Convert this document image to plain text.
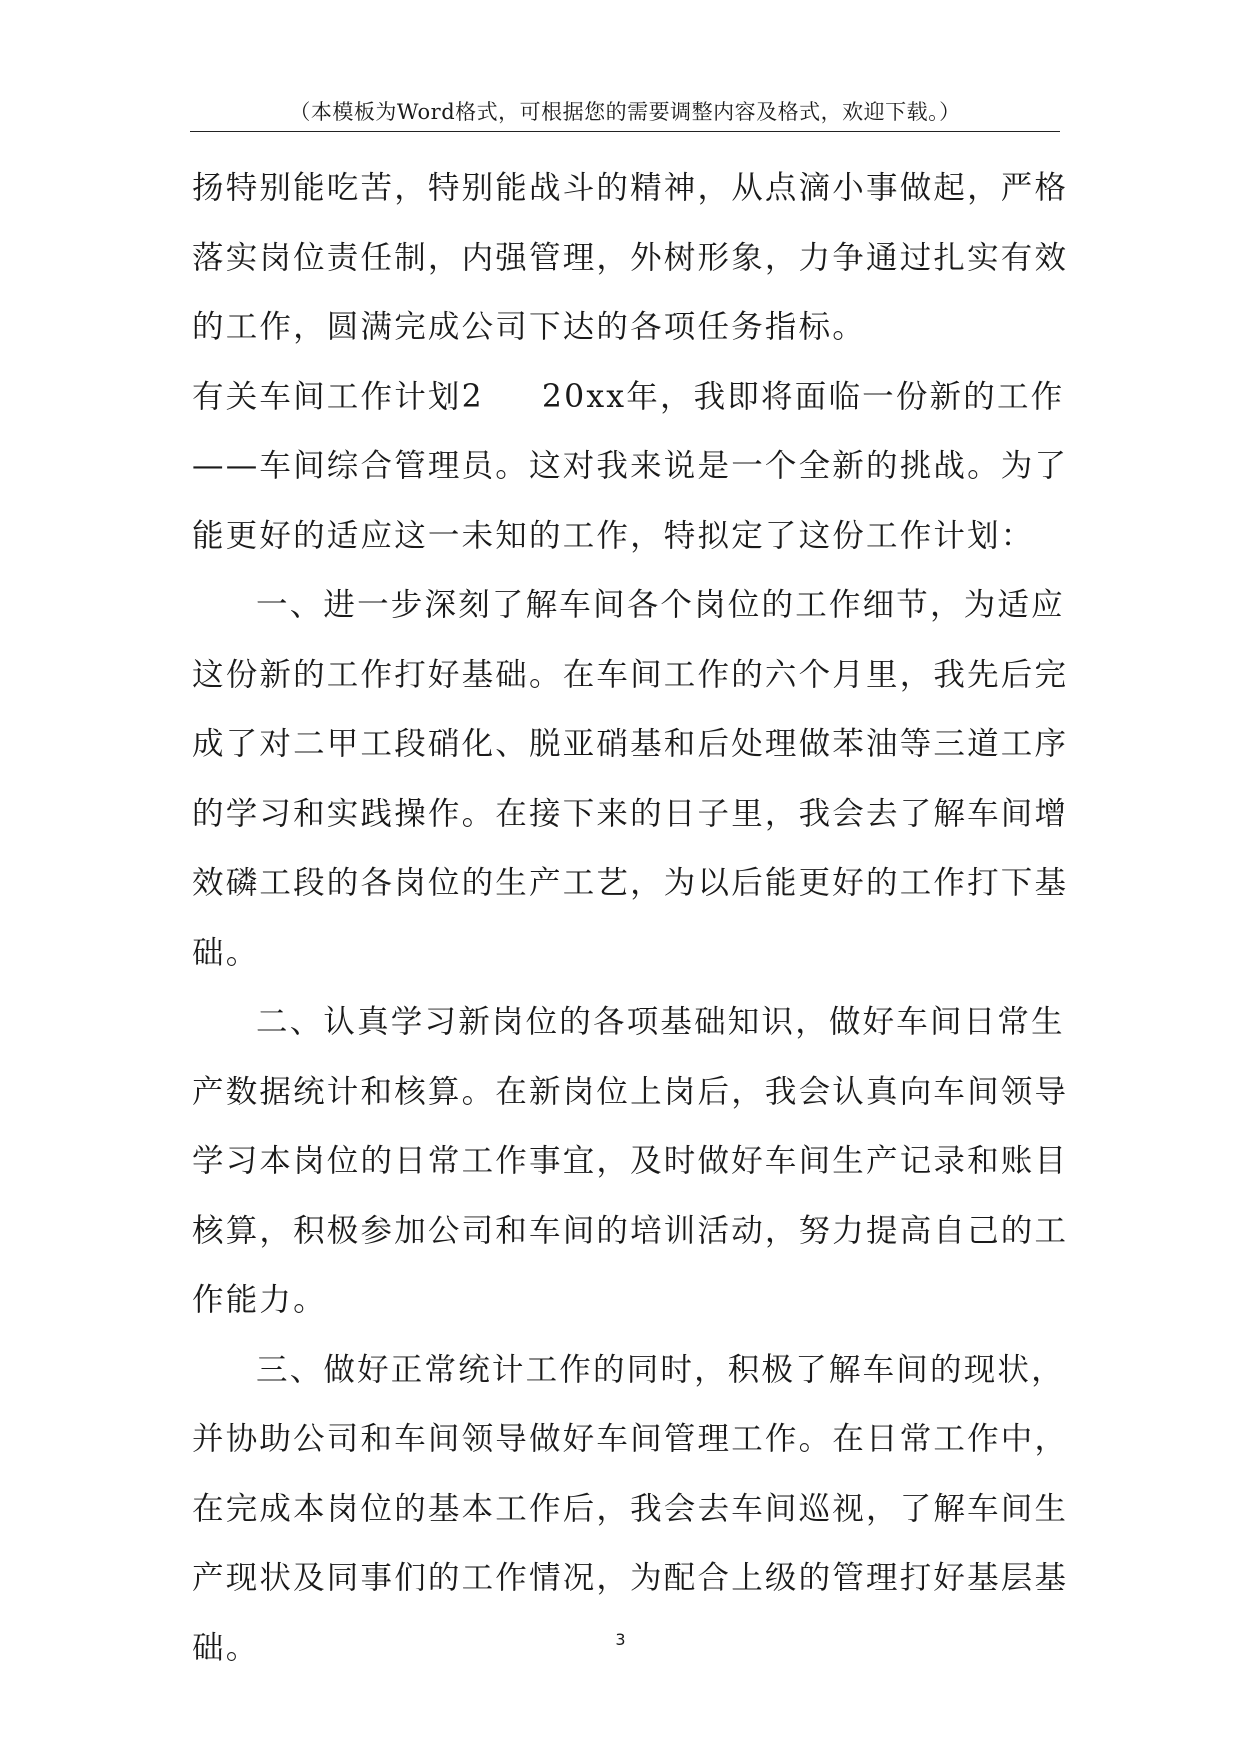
（本模板为Word格式，可根据您的需要调整内容及格式，欢迎下载。）
扬特别能吃苦，特别能战斗的精神，从点滴小事做起，严格
落实岗位责任制，内强管理，外树形象，力争通过扎实有效
的工作，圆满完成公司下达的各项任务指标。
有关车间工作计划2 20xx年，我即将面临一份新的工作
——车间综合管理员。这对我来说是一个全新的挑战。为了
能更好的适应这一未知的工作，特拟定了这份工作计划：
一、进一步深刻了解车间各个岗位的工作细节，为适应
这份新的工作打好基础。在车间工作的六个月里，我先后完
成了对二甲工段硝化、脱亚硝基和后处理做苯油等三道工序
的学习和实践操作。在接下来的日子里，我会去了解车间增
效磷工段的各岗位的生产工艺，为以后能更好的工作打下基
础。
二、认真学习新岗位的各项基础知识，做好车间日常生
产数据统计和核算。在新岗位上岗后，我会认真向车间领导
学习本岗位的日常工作事宜，及时做好车间生产记录和账目
核算，积极参加公司和车间的培训活动，努力提高自己的工
作能力。
三、做好正常统计工作的同时，积极了解车间的现状，
并协助公司和车间领导做好车间管理工作。在日常工作中，
在完成本岗位的基本工作后，我会去车间巡视，了解车间生
产现状及同事们的工作情况，为配合上级的管理打好基层基
础。	3
